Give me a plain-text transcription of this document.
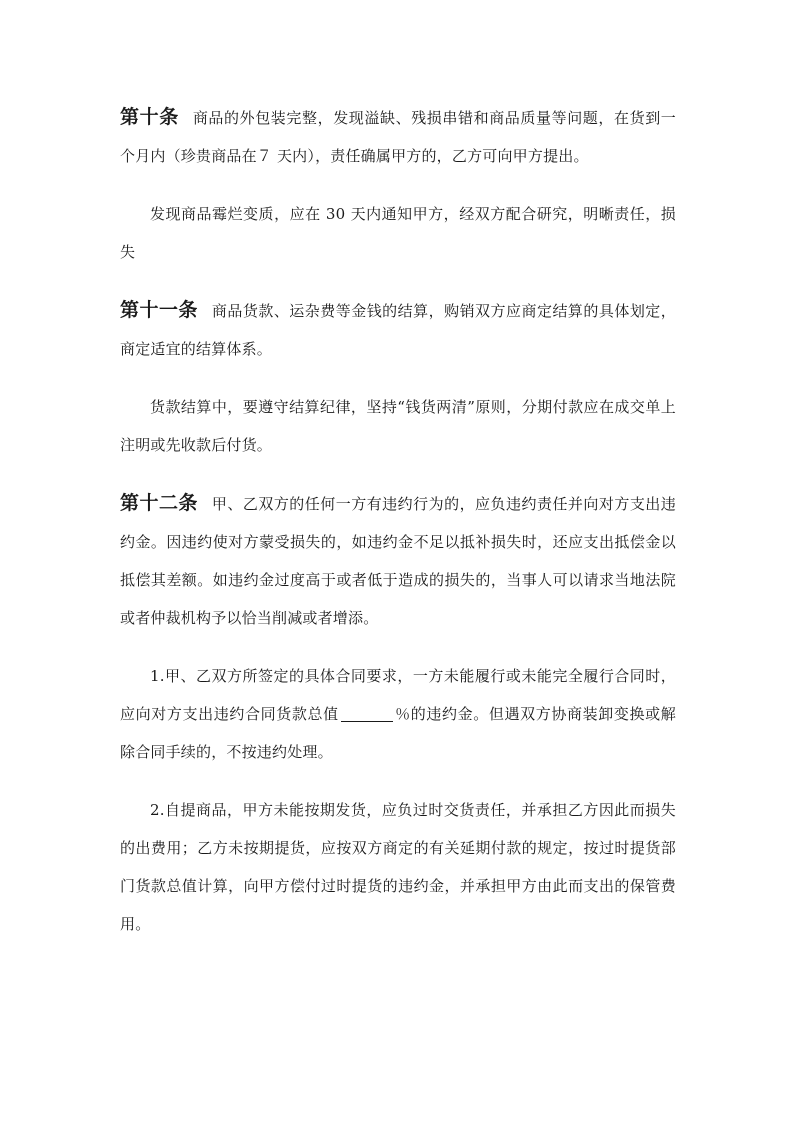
第十条 商品的外包装完整，发现溢缺、残损串错和商品质量等问题，在货到一个月内（珍贵商品在７ 天内），责任确属甲方的，乙方可向甲方提出。

发现商品霉烂变质，应在 30 天内通知甲方，经双方配合研究，明晰责任，损失

第十一条 商品货款、运杂费等金钱的结算，购销双方应商定结算的具体划定，商定适宜的结算体系。

货款结算中，要遵守结算纪律，坚持“钱货两清”原则，分期付款应在成交单上注明或先收款后付货。

第十二条 甲、乙双方的任何一方有违约行为的，应负违约责任并向对方支出违约金。因违约使对方蒙受损失的，如违约金不足以抵补损失时，还应支出抵偿金以抵偿其差额。如违约金过度高于或者低于造成的损失的，当事人可以请求当地法院或者仲裁机构予以恰当削减或者增添。

1.甲、乙双方所签定的具体合同要求，一方未能履行或未能完全履行合同时，应向对方支出违约合同货款总值	％的违约金。但遇双方协商装卸变换或解除合同手续的，不按违约处理。

2.自提商品，甲方未能按期发货，应负过时交货责任，并承担乙方因此而损失的出费用；乙方未按期提货，应按双方商定的有关延期付款的规定，按过时提货部门货款总值计算，向甲方偿付过时提货的违约金，并承担甲方由此而支出的保管费用。
